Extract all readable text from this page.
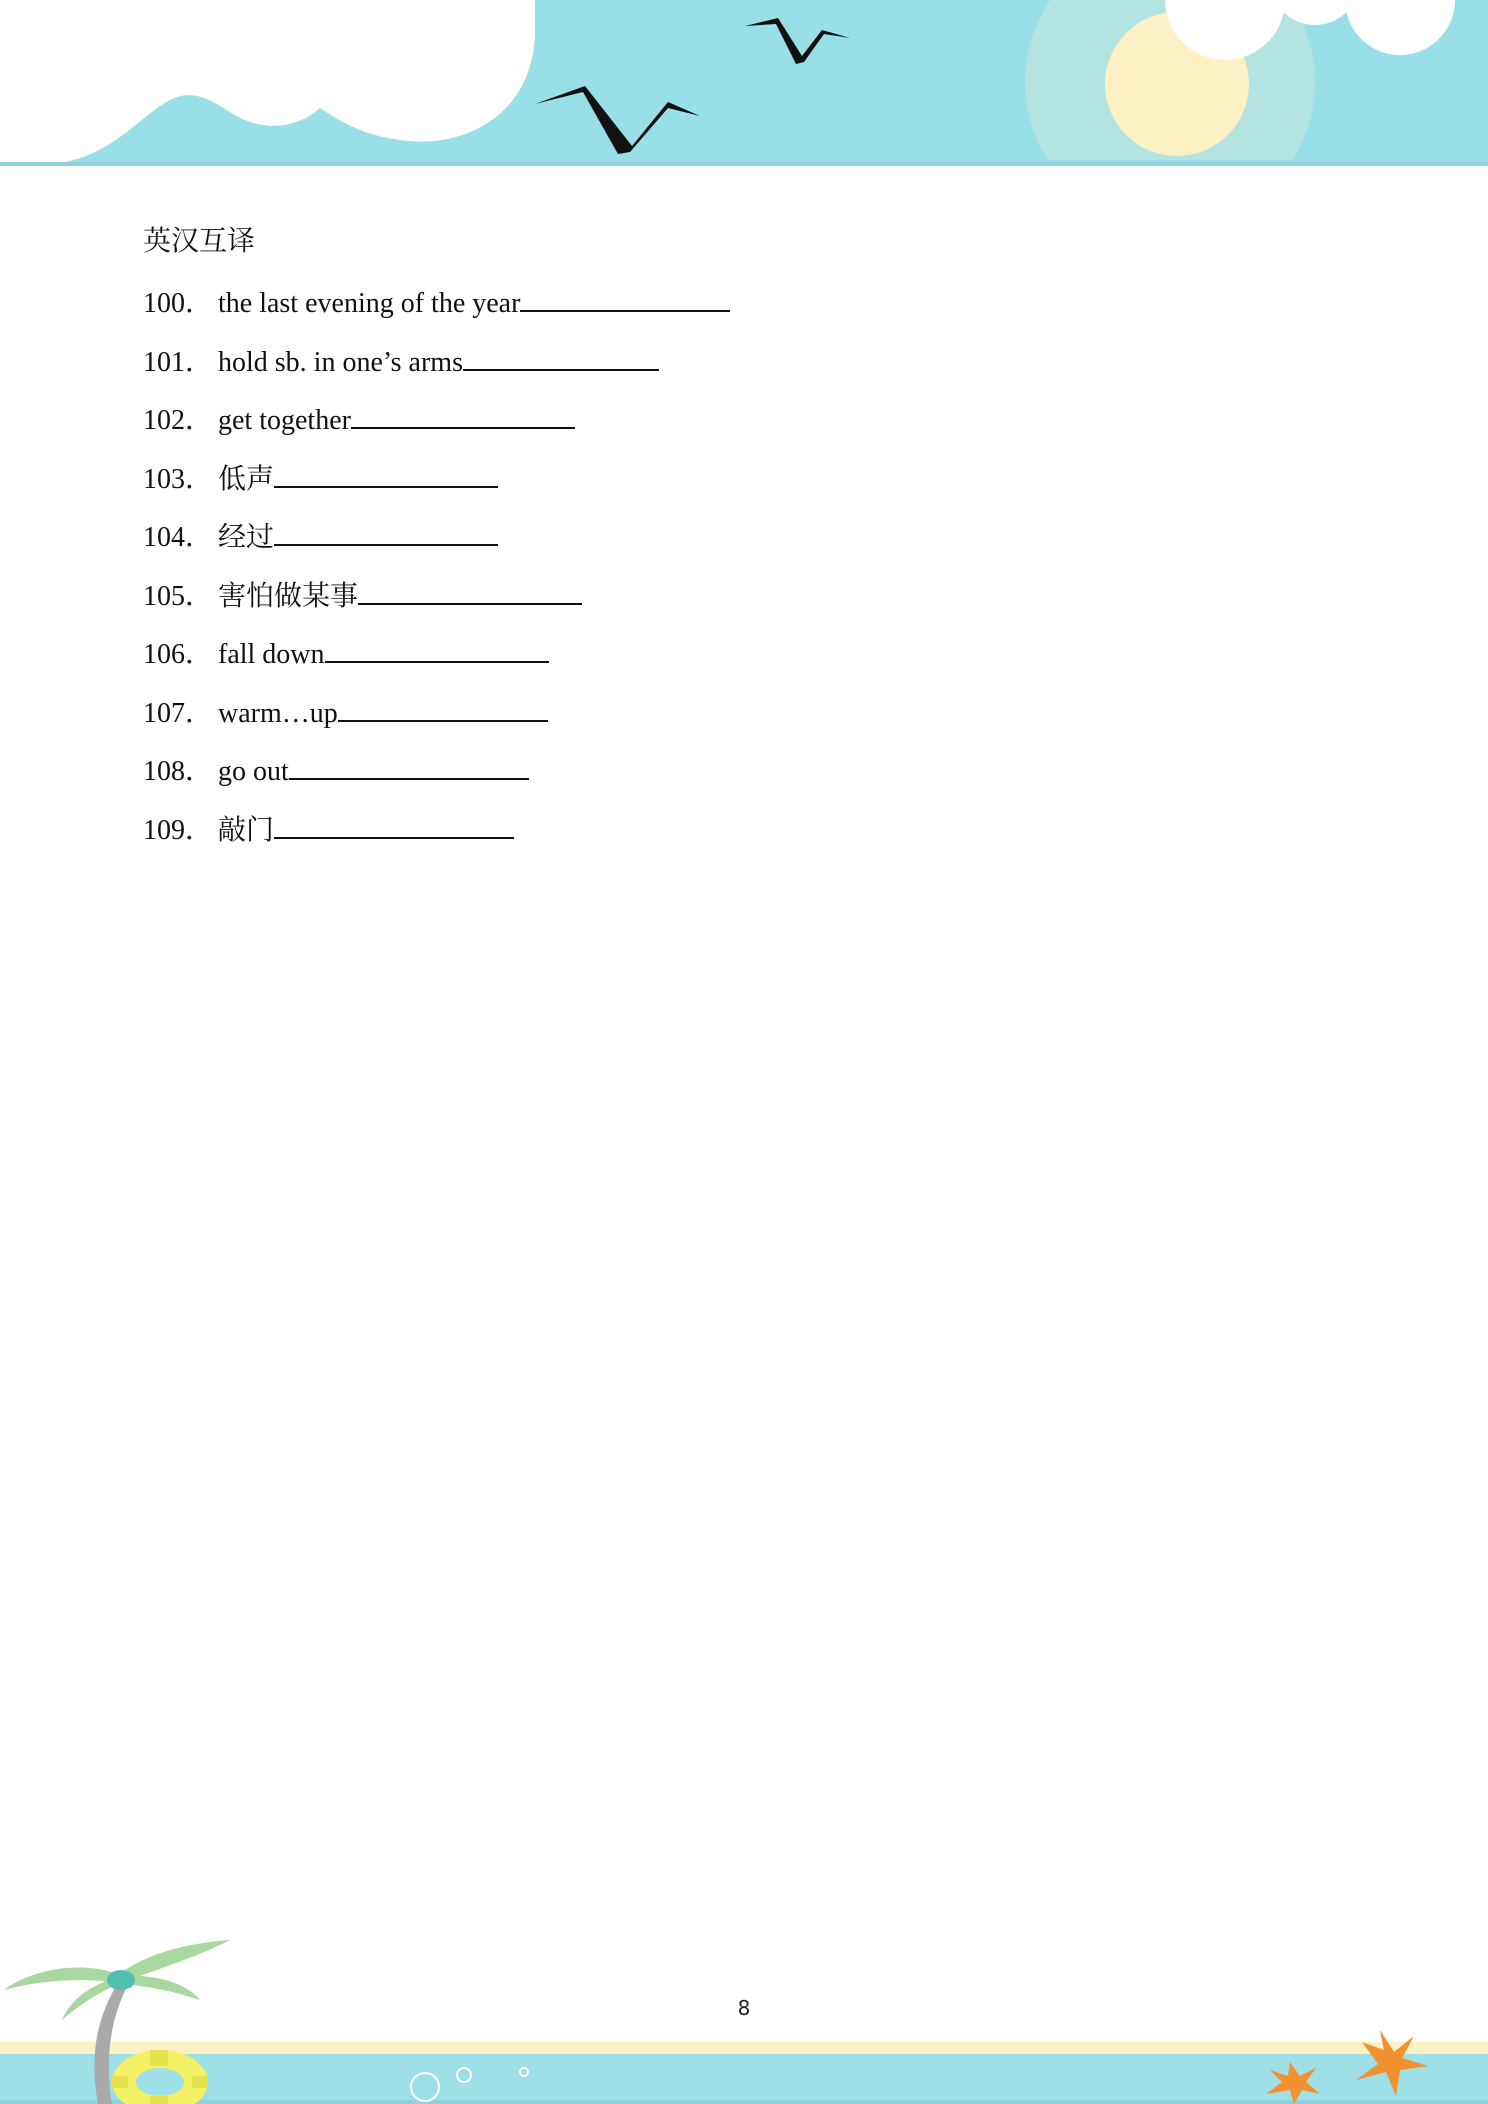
英汉互译
100． the last evening of the year
101． hold sb. in one’s arms
102． get together
103． 低声
104． 经过
105． 害怕做某事
106． fall down
107． warm…up
108． go out
109． 敲门
8
